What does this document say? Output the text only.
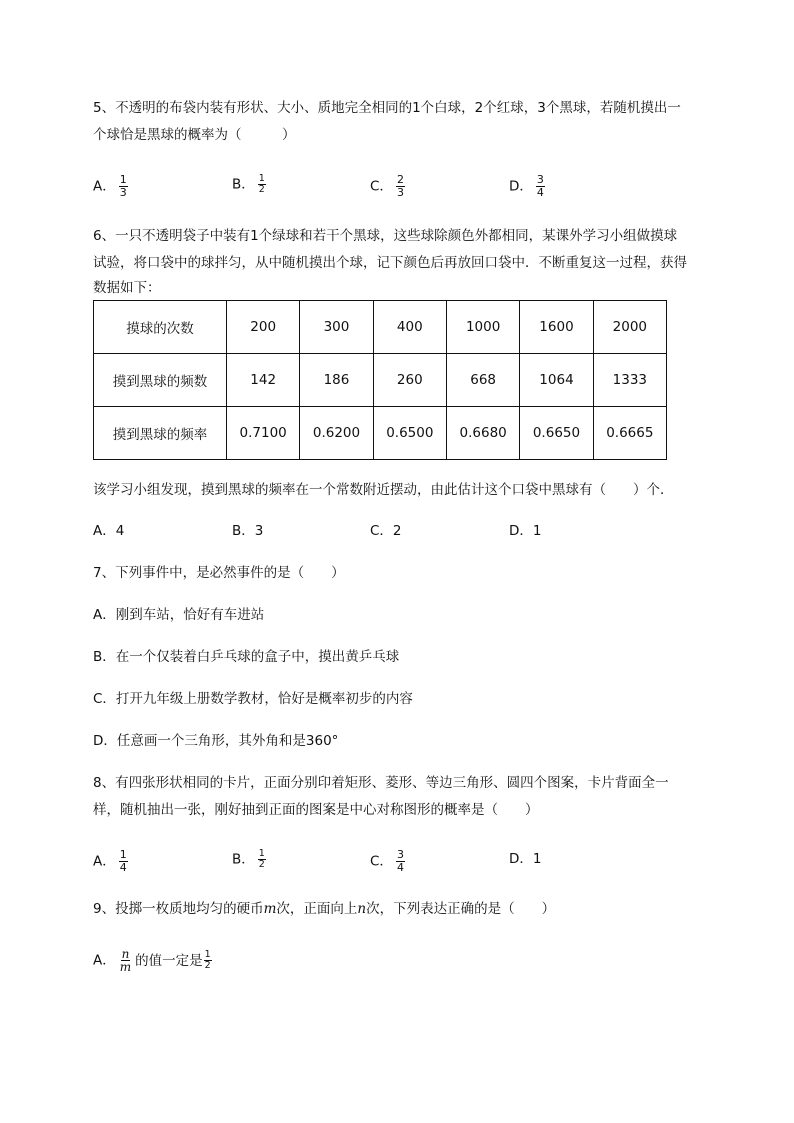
5、不透明的布袋内装有形状、大小、质地完全相同的1个白球，2个红球，3个黑球，若随机摸出一
个球恰是黑球的概率为（　　　）
A． $\frac{1}{3}$	B． $\frac{1}{2}$	C． $\frac{2}{3}$	D． $\frac{3}{4}$
6、一只不透明袋子中装有1个绿球和若干个黑球，这些球除颜色外都相同，某课外学习小组做摸球
试验，将口袋中的球拌匀，从中随机摸出个球，记下颜色后再放回口袋中．不断重复这一过程，获得
数据如下：
摸球的次数	200	300	400	1000	1600	2000
摸到黑球的频数	142	186	260	668	1064	1333
摸到黑球的频率	0.7100	0.6200	0.6500	0.6680	0.6650	0.6665
该学习小组发现，摸到黑球的频率在一个常数附近摆动，由此估计这个口袋中黑球有（　　）个．
A．4	B．3	C．2	D．1
7、下列事件中，是必然事件的是（　　）
A．刚到车站，恰好有车进站
B．在一个仅装着白乒乓球的盒子中，摸出黄乒乓球
C．打开九年级上册数学教材，恰好是概率初步的内容
D．任意画一个三角形，其外角和是360°
8、有四张形状相同的卡片，正面分别印着矩形、菱形、等边三角形、圆四个图案，卡片背面全一
样，随机抽出一张，刚好抽到正面的图案是中心对称图形的概率是（　　）
A． $\frac{1}{4}$	B． $\frac{1}{2}$	C． $\frac{3}{4}$	D．1
9、投掷一枚质地均匀的硬币m次，正面向上n次，下列表达正确的是（　　）
A． $\frac{n}{m}$ 的值一定是 $\frac{1}{2}$
